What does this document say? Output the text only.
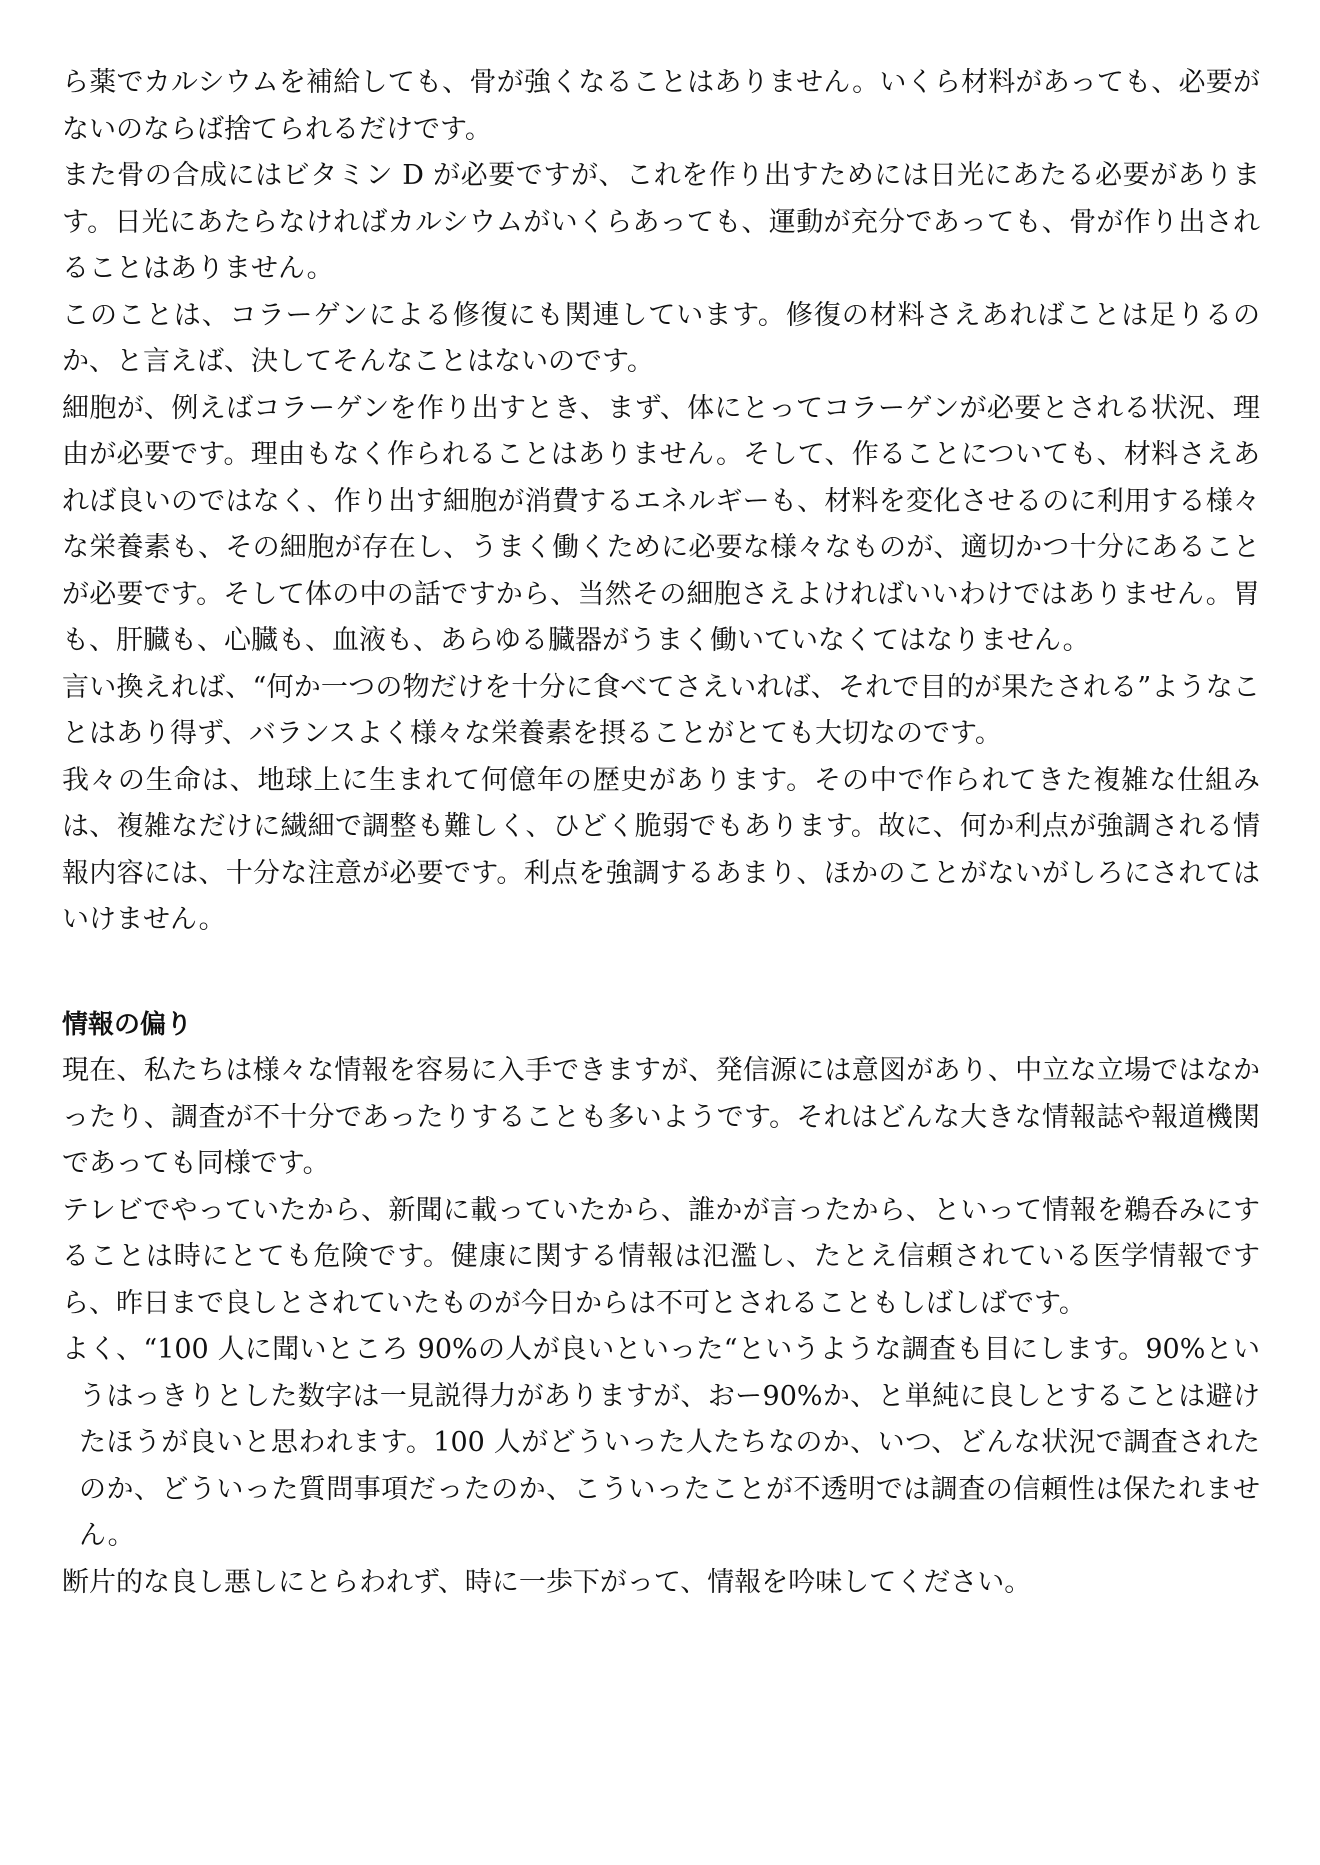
ら薬でカルシウムを補給しても、骨が強くなることはありません。いくら材料があっても、必要がないのならば捨てられるだけです。

また骨の合成にはビタミン D が必要ですが、これを作り出すためには日光にあたる必要があります。日光にあたらなければカルシウムがいくらあっても、運動が充分であっても、骨が作り出されることはありません。

このことは、コラーゲンによる修復にも関連しています。修復の材料さえあればことは足りるのか、と言えば、決してそんなことはないのです。

細胞が、例えばコラーゲンを作り出すとき、まず、体にとってコラーゲンが必要とされる状況、理由が必要です。理由もなく作られることはありません。そして、作ることについても、材料さえあれば良いのではなく、作り出す細胞が消費するエネルギーも、材料を変化させるのに利用する様々な栄養素も、その細胞が存在し、うまく働くために必要な様々なものが、適切かつ十分にあることが必要です。そして体の中の話ですから、当然その細胞さえよければいいわけではありません。胃も、肝臓も、心臓も、血液も、あらゆる臓器がうまく働いていなくてはなりません。

言い換えれば、“何か一つの物だけを十分に食べてさえいれば、それで目的が果たされる”ようなことはあり得ず、バランスよく様々な栄養素を摂ることがとても大切なのです。

我々の生命は、地球上に生まれて何億年の歴史があります。その中で作られてきた複雑な仕組みは、複雑なだけに繊細で調整も難しく、ひどく脆弱でもあります。故に、何か利点が強調される情報内容には、十分な注意が必要です。利点を強調するあまり、ほかのことがないがしろにされてはいけません。

情報の偏り

現在、私たちは様々な情報を容易に入手できますが、発信源には意図があり、中立な立場ではなかったり、調査が不十分であったりすることも多いようです。それはどんな大きな情報誌や報道機関であっても同様です。

テレビでやっていたから、新聞に載っていたから、誰かが言ったから、といって情報を鵜呑みにすることは時にとても危険です。健康に関する情報は氾濫し、たとえ信頼されている医学情報ですら、昨日まで良しとされていたものが今日からは不可とされることもしばしばです。

よく、“100 人に聞いところ 90%の人が良いといった“というような調査も目にします。90%というはっきりとした数字は一見説得力がありますが、おー90%か、と単純に良しとすることは避けたほうが良いと思われます。100 人がどういった人たちなのか、いつ、どんな状況で調査されたのか、どういった質問事項だったのか、こういったことが不透明では調査の信頼性は保たれません。

断片的な良し悪しにとらわれず、時に一歩下がって、情報を吟味してください。
